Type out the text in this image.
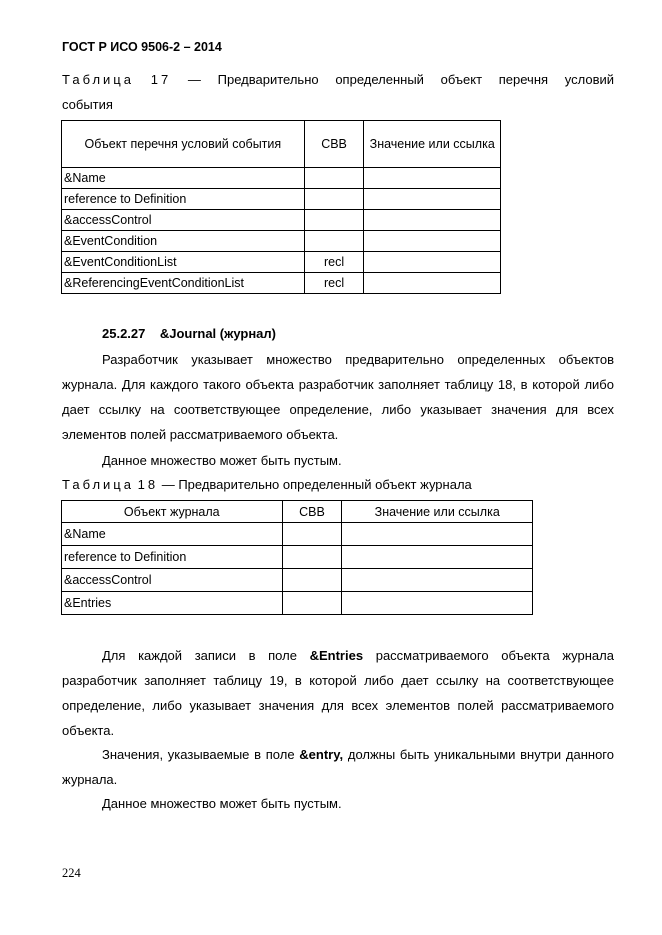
ГОСТ Р ИСО 9506-2 – 2014
Таблица 17 — Предварительно определенный объект перечня условий
события
Объект перечня условий события	CBB	Значение или ссылка
&Name		
reference to Definition		
&accessControl		
&EventCondition		
&EventConditionList	recl	
&ReferencingEventConditionList	recl	
25.2.27 &Journal (журнал)
Разработчик указывает множество предварительно определенных объектов журнала. Для каждого такого объекта разработчик заполняет таблицу 18, в которой либо дает ссылку на соответствующее определение, либо указывает значения для всех элементов полей рассматриваемого объекта.
Данное множество может быть пустым.
Таблица 18 — Предварительно определенный объект журнала
Объект журнала	CBB	Значение или ссылка
&Name		
reference to Definition		
&accessControl		
&Entries		
Для каждой записи в поле &Entries рассматриваемого объекта журнала разработчик заполняет таблицу 19, в которой либо дает ссылку на соответствующее определение, либо указывает значения для всех элементов полей рассматриваемого объекта.
Значения, указываемые в поле &entry, должны быть уникальными внутри данного журнала.
Данное множество может быть пустым.
224
